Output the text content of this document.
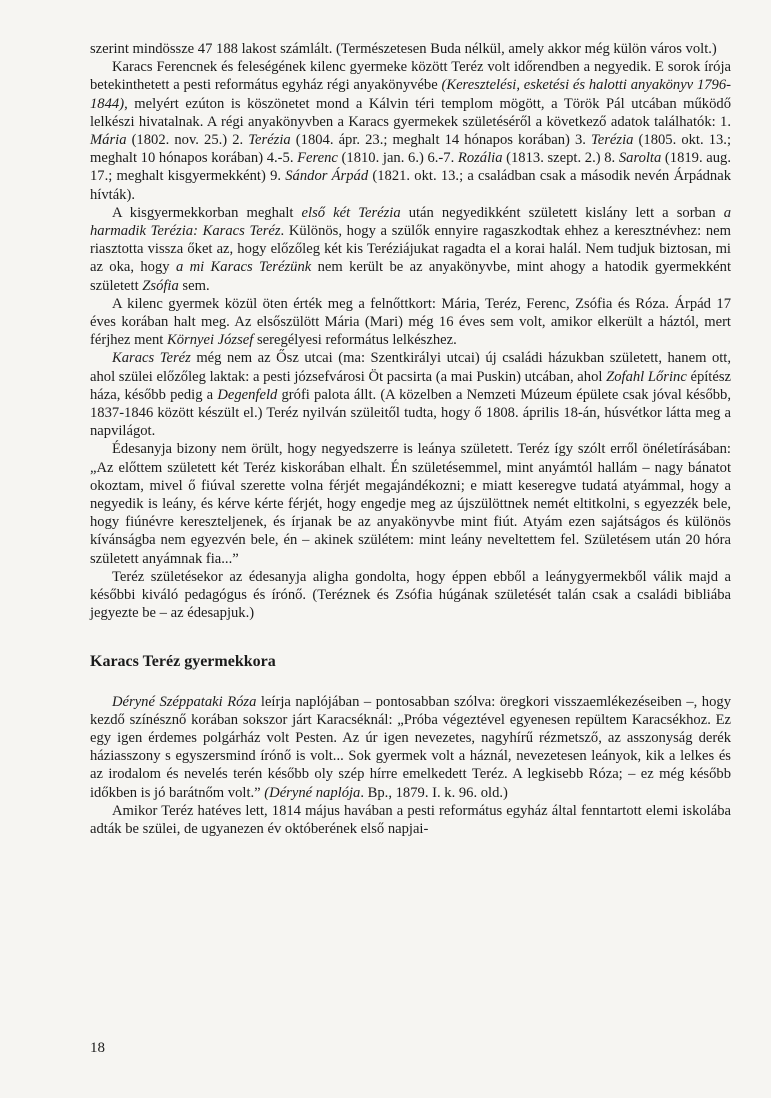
szerint mindössze 47 188 lakost számlált. (Természetesen Buda nélkül, amely akkor még külön város volt.)

Karacs Ferencnek és feleségének kilenc gyermeke között Teréz volt időrendben a negyedik. E sorok írója betekinthetett a pesti református egyház régi anyakönyvébe (Keresztelési, esketési és halotti anyakönyv 1796-1844), melyért ezúton is köszönetet mond a Kálvin téri templom mögött, a Török Pál utcában működő lelkészi hivatalnak. A régi anyakönyvben a Karacs gyermekek születéséről a következő adatok találhatók: 1. Mária (1802. nov. 25.) 2. Terézia (1804. ápr. 23.; meghalt 14 hónapos korában) 3. Terézia (1805. okt. 13.; meghalt 10 hónapos korában) 4.-5. Ferenc (1810. jan. 6.) 6.-7. Rozália (1813. szept. 2.) 8. Sarolta (1819. aug. 17.; meghalt kisgyermekként) 9. Sándor Árpád (1821. okt. 13.; a családban csak a második nevén Árpádnak hívták).

A kisgyermekkorban meghalt első két Terézia után negyedikként született kislány lett a sorban a harmadik Terézia: Karacs Teréz. Különös, hogy a szülők ennyire ragaszkodtak ehhez a keresztnévhez: nem riasztotta vissza őket az, hogy előzőleg két kis Teréziájukat ragadta el a korai halál. Nem tudjuk biztosan, mi az oka, hogy a mi Karacs Terézünk nem került be az anyakönyvbe, mint ahogy a hatodik gyermekként született Zsófia sem.

A kilenc gyermek közül öten érték meg a felnőttkort: Mária, Teréz, Ferenc, Zsófia és Róza. Árpád 17 éves korában halt meg. Az elsőszülött Mária (Mari) még 16 éves sem volt, amikor elkerült a háztól, mert férjhez ment Környei József seregélyesi református lelkészhez.

Karacs Teréz még nem az Ősz utcai (ma: Szentkirályi utcai) új családi házukban született, hanem ott, ahol szülei előzőleg laktak: a pesti józsefvárosi Öt pacsirta (a mai Puskin) utcában, ahol Zofahl Lőrinc építész háza, később pedig a Degenfeld grófi palota állt. (A közelben a Nemzeti Múzeum épülete csak jóval később, 1837-1846 között készült el.) Teréz nyilván szüleitől tudta, hogy ő 1808. április 18-án, húsvétkor látta meg a napvilágot.

Édesanyja bizony nem örült, hogy negyedszerre is leánya született. Teréz így szólt erről önéletírásában: „Az előttem született két Teréz kiskorában elhalt. Én születésemmel, mint anyámtól hallám – nagy bánatot okoztam, mivel ő fiúval szerette volna férjét megajándékozni; e miatt keseregve tudatá atyámmal, hogy a negyedik is leány, és kérve kérte férjét, hogy engedje meg az újszülöttnek nemét eltitkolni, s egyezzék bele, hogy fiúnévre kereszteljenek, és írjanak be az anyakönyvbe mint fiút. Atyám ezen sajátságos és különös kívánságba nem egyezvén bele, én – akinek szülétem: mint leány neveltettem fel. Születésem után 20 hóra született anyámnak fia...”

Teréz születésekor az édesanyja aligha gondolta, hogy éppen ebből a leánygyermekből válik majd a későbbi kiváló pedagógus és írónő. (Teréznek és Zsófia húgának születését talán csak a családi bibliába jegyezte be – az édesapjuk.)

Karacs Teréz gyermekkora

Déryné Széppataki Róza leírja naplójában – pontosabban szólva: öregkori visszaemlékezéseiben –, hogy kezdő színésznő korában sokszor járt Karacséknál: „Próba végeztével egyenesen repültem Karacsékhoz. Ez egy igen érdemes polgárház volt Pesten. Az úr igen nevezetes, nagyhírű rézmetsző, az asszonyság derék háziasszony s egyszersmind írónő is volt... Sok gyermek volt a háznál, nevezetesen leányok, kik a lelkes és az irodalom és nevelés terén később oly szép hírre emelkedett Teréz. A legkisebb Róza; – ez még később időkben is jó barátnőm volt.” (Déryné naplója. Bp., 1879. I. k. 96. old.)

Amikor Teréz hatéves lett, 1814 május havában a pesti református egyház által fenntartott elemi iskolába adták be szülei, de ugyanezen év októberének első napjai-

18
